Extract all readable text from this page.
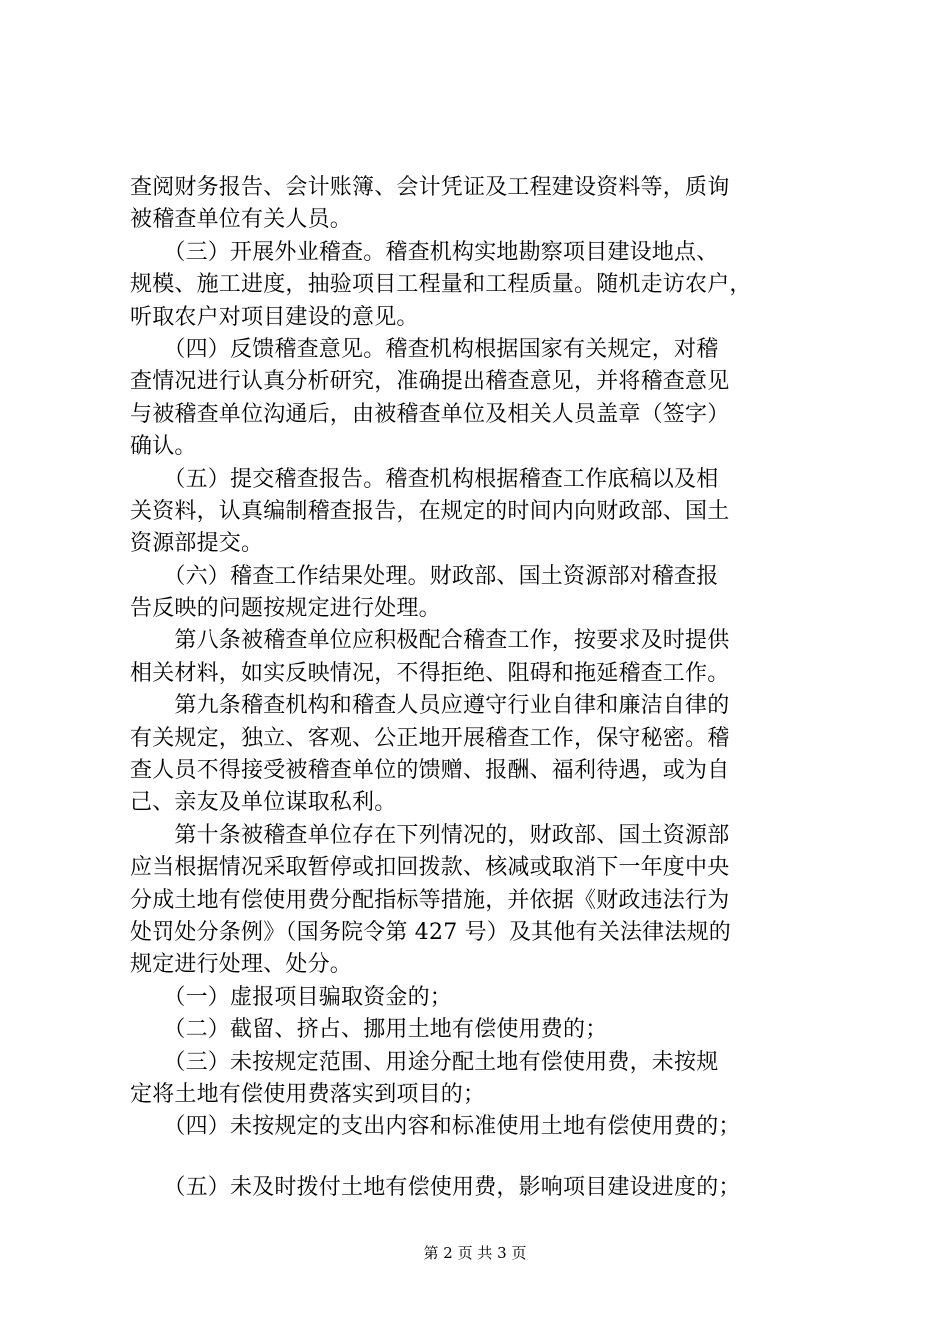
查阅财务报告、会计账簿、会计凭证及工程建设资料等，质询
被稽查单位有关人员。
　　（三）开展外业稽查。稽查机构实地勘察项目建设地点、
规模、施工进度，抽验项目工程量和工程质量。随机走访农户，
听取农户对项目建设的意见。
　　（四）反馈稽查意见。稽查机构根据国家有关规定，对稽
查情况进行认真分析研究，准确提出稽查意见，并将稽查意见
与被稽查单位沟通后，由被稽查单位及相关人员盖章（签字）
确认。
　　（五）提交稽查报告。稽查机构根据稽查工作底稿以及相
关资料，认真编制稽查报告，在规定的时间内向财政部、国土
资源部提交。
　　（六）稽查工作结果处理。财政部、国土资源部对稽查报
告反映的问题按规定进行处理。
　　第八条被稽查单位应积极配合稽查工作，按要求及时提供
相关材料，如实反映情况，不得拒绝、阻碍和拖延稽查工作。
　　第九条稽查机构和稽查人员应遵守行业自律和廉洁自律的
有关规定，独立、客观、公正地开展稽查工作，保守秘密。稽
查人员不得接受被稽查单位的馈赠、报酬、福利待遇，或为自
己、亲友及单位谋取私利。
　　第十条被稽查单位存在下列情况的，财政部、国土资源部
应当根据情况采取暂停或扣回拨款、核减或取消下一年度中央
分成土地有偿使用费分配指标等措施，并依据《财政违法行为
处罚处分条例》（国务院令第 427 号）及其他有关法律法规的
规定进行处理、处分。
　　（一）虚报项目骗取资金的；
　　（二）截留、挤占、挪用土地有偿使用费的；
　　（三）未按规定范围、用途分配土地有偿使用费，未按规
定将土地有偿使用费落实到项目的；
　　（四）未按规定的支出内容和标准使用土地有偿使用费的；
　　（五）未及时拨付土地有偿使用费，影响项目建设进度的；
第 2 页 共 3 页
